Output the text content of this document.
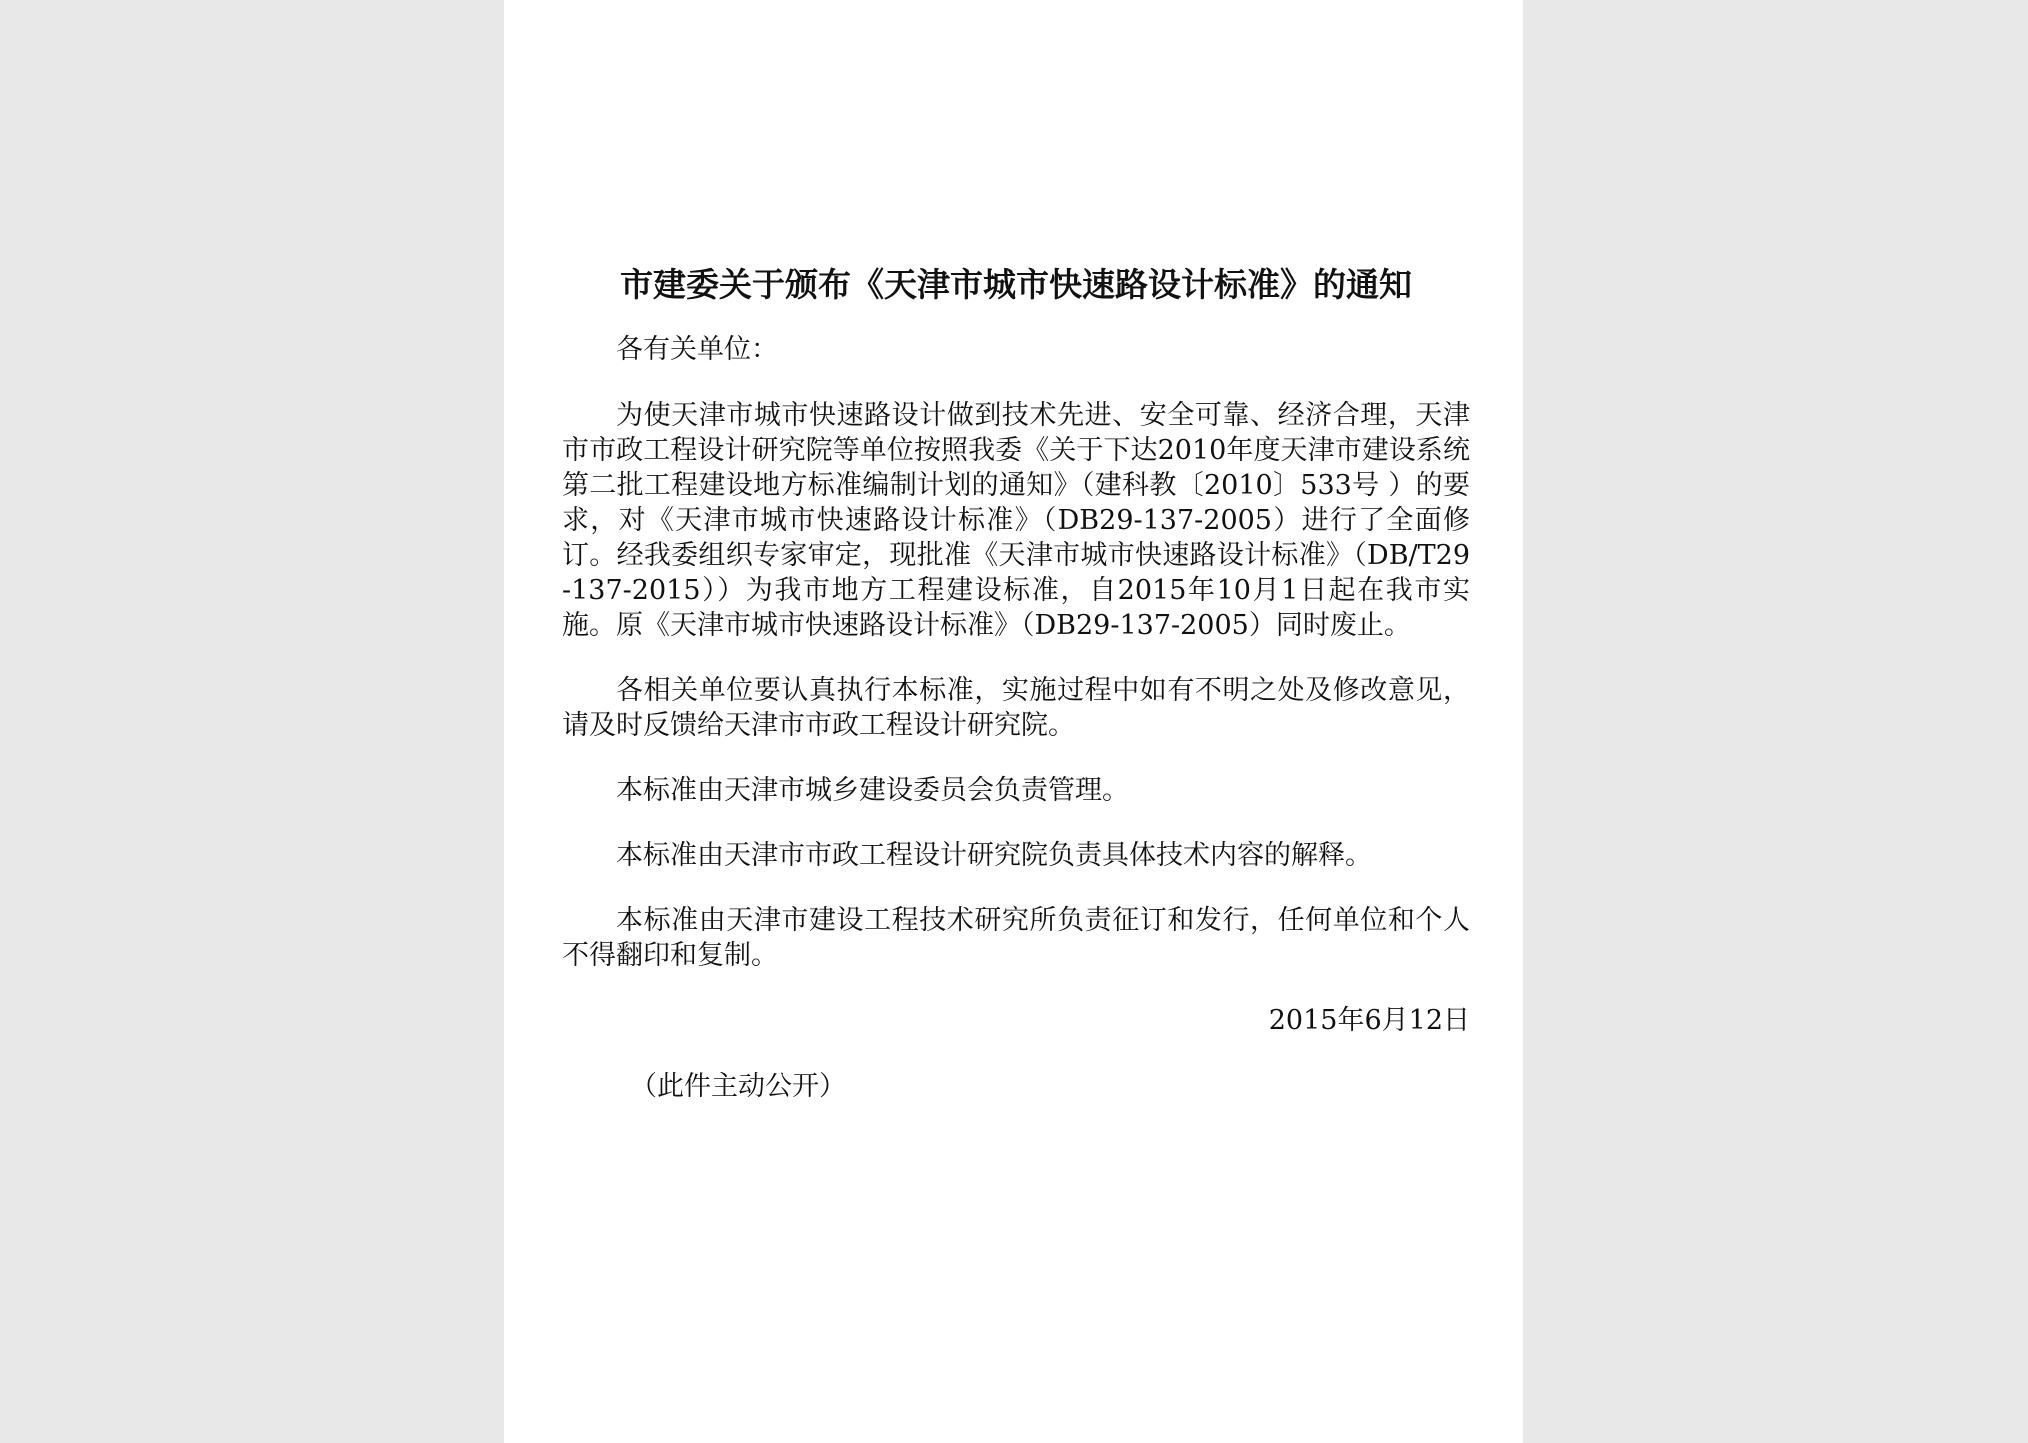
市建委关于颁布《天津市城市快速路设计标准》的通知

各有关单位：

为使天津市城市快速路设计做到技术先进、安全可靠、经济合理，天津市市政工程设计研究院等单位按照我委《关于下达2010年度天津市建设系统第二批工程建设地方标准编制计划的通知》（建科教〔2010〕533号 ）的要求，对《天津市城市快速路设计标准》（DB29-137-2005）进行了全面修订。经我委组织专家审定，现批准《天津市城市快速路设计标准》（DB/T29-137-2015））为我市地方工程建设标准，自2015年10月1日起在我市实施。原《天津市城市快速路设计标准》（DB29-137-2005）同时废止。

各相关单位要认真执行本标准，实施过程中如有不明之处及修改意见，请及时反馈给天津市市政工程设计研究院。

本标准由天津市城乡建设委员会负责管理。

本标准由天津市市政工程设计研究院负责具体技术内容的解释。

本标准由天津市建设工程技术研究所负责征订和发行，任何单位和个人不得翻印和复制。

2015年6月12日

（此件主动公开）
